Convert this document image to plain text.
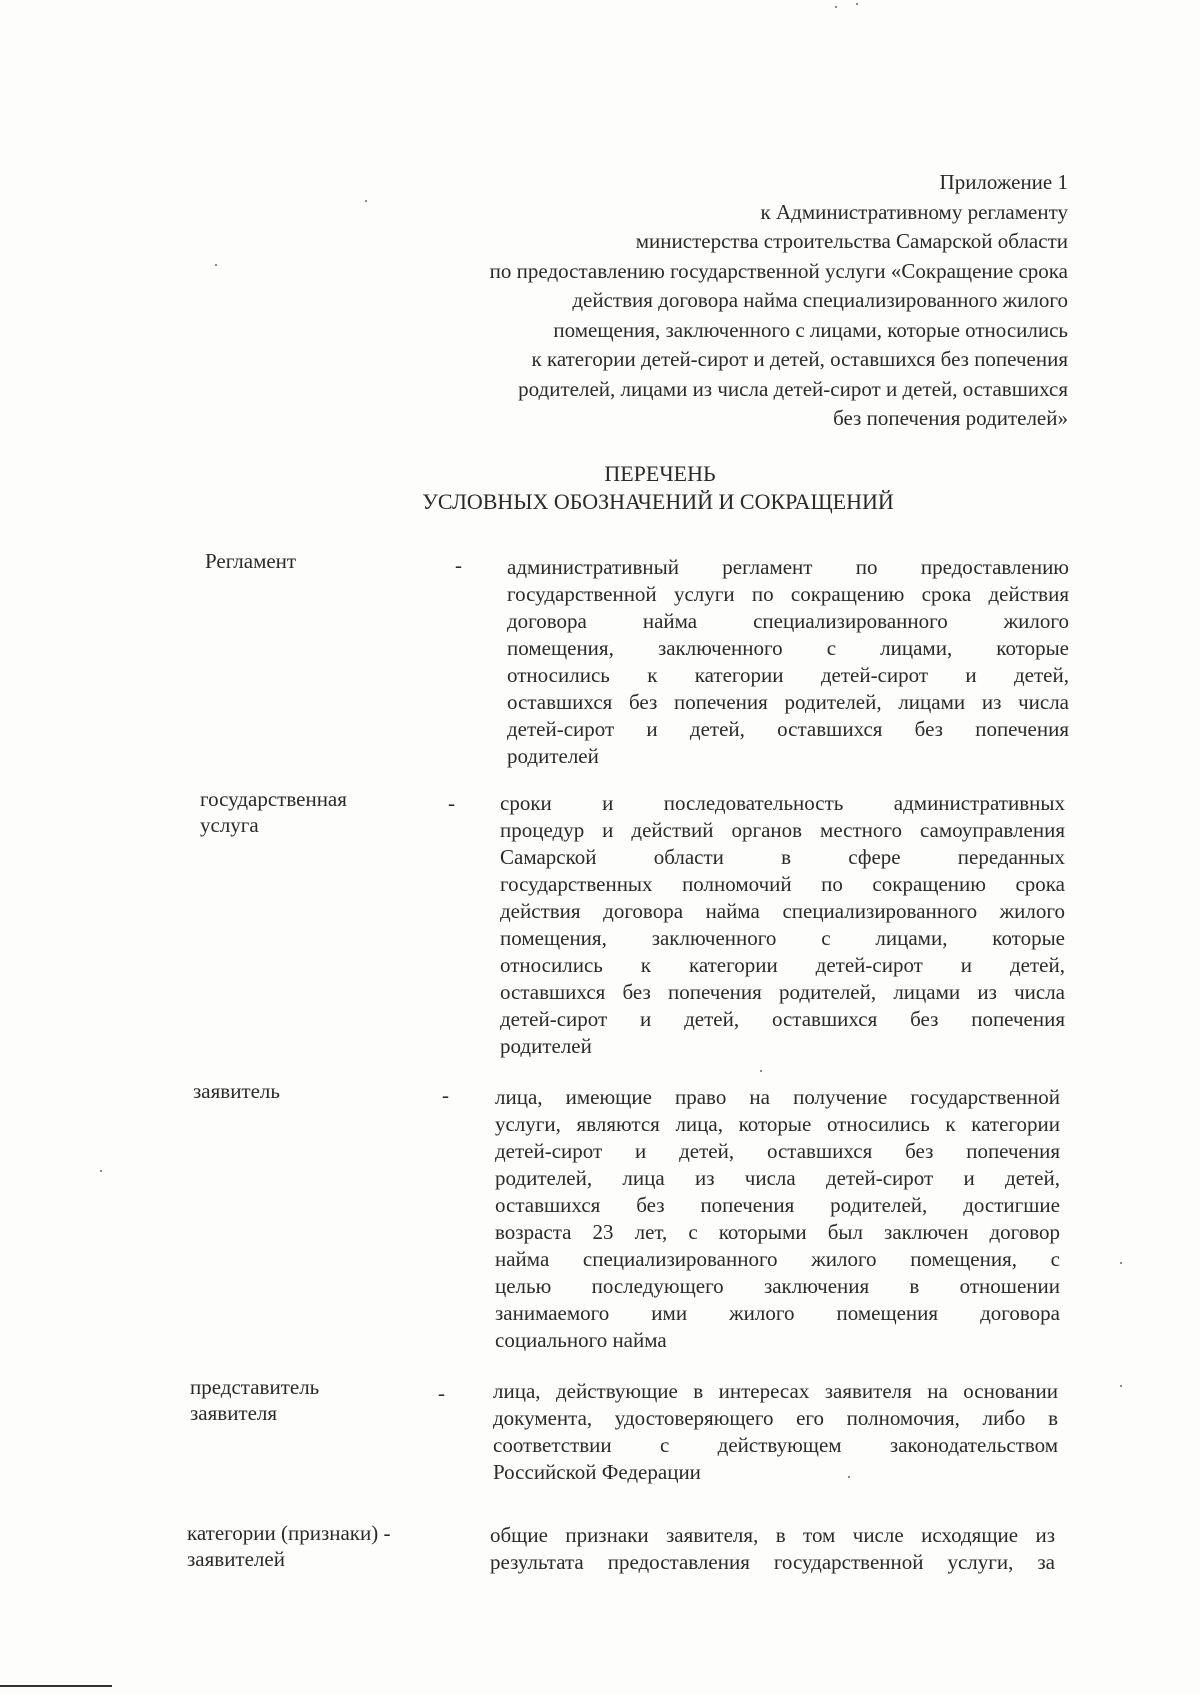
Приложение 1
к Административному регламенту
министерства строительства Самарской области
по предоставлению государственной услуги «Сокращение срока
действия договора найма специализированного жилого
помещения, заключенного с лицами, которые относились
к категории детей-сирот и детей, оставшихся без попечения
родителей, лицами из числа детей-сирот и детей, оставшихся
без попечения родителей»
ПЕРЕЧЕНЬ
УСЛОВНЫХ ОБОЗНАЧЕНИЙ И СОКРАЩЕНИЙ
Регламент	- административный регламент по предоставлению
государственной услуги по сокращению срока действия
договора найма специализированного жилого
помещения, заключенного с лицами, которые
относились к категории детей-сирот и детей,
оставшихся без попечения родителей, лицами из числа
детей-сирот и детей, оставшихся без попечения
родителей
государственная
услуга
- сроки и последовательность административных
процедур и действий органов местного самоуправления
Самарской области в сфере переданных
государственных полномочий по сокращению срока
действия договора найма специализированного жилого
помещения, заключенного с лицами, которые
относились к категории детей-сирот и детей,
оставшихся без попечения родителей, лицами из числа
детей-сирот и детей, оставшихся без попечения
родителей
заявитель	- лица, имеющие право на получение государственной
услуги, являются лица, которые относились к категории
детей-сирот и детей, оставшихся без попечения
родителей, лица из числа детей-сирот и детей,
оставшихся без попечения родителей, достигшие
возраста 23 лет, с которыми был заключен договор
найма специализированного жилого помещения, с
целью последующего заключения в отношении
занимаемого ими жилого помещения договора
социального найма
представитель
заявителя
- лица, действующие в интересах заявителя на основании
документа, удостоверяющего его полномочия, либо в
соответствии с действующем законодательством
Российской Федерации
категории (признаки) -
заявителей
общие признаки заявителя, в том числе исходящие из
результата предоставления государственной услуги, за
